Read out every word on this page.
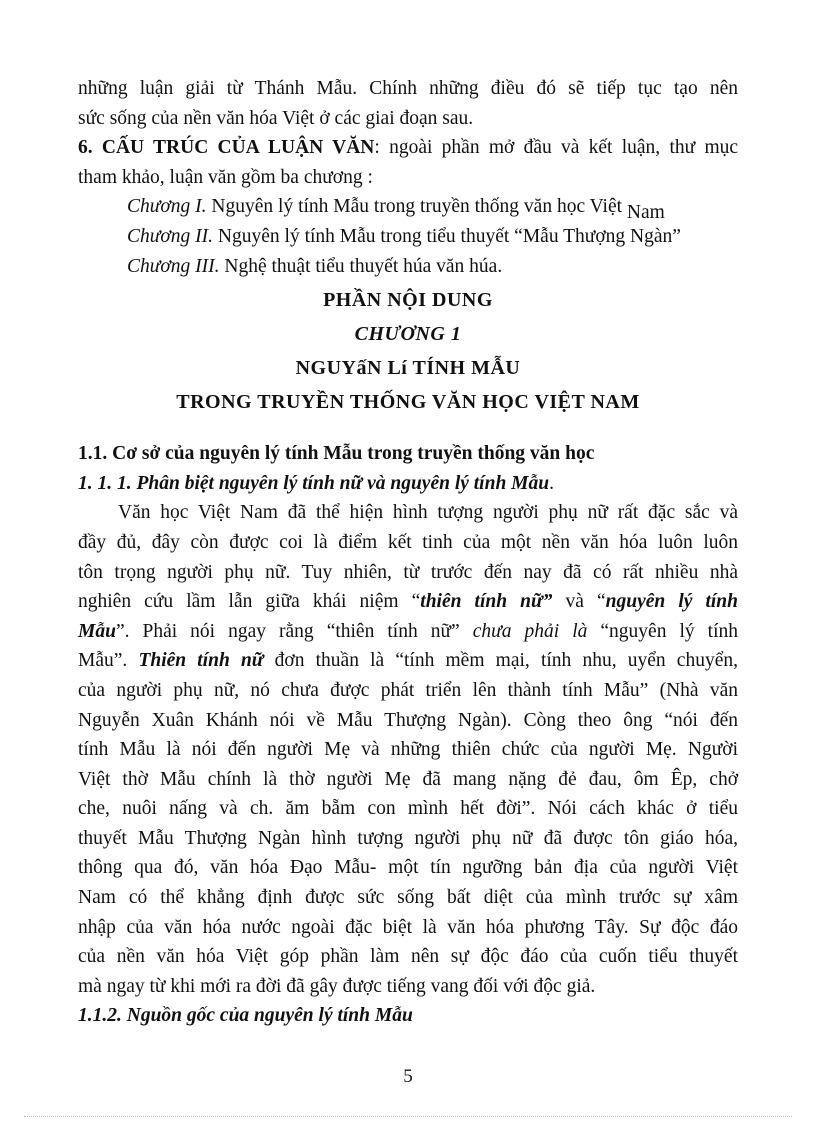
những luận giải từ Thánh Mẫu. Chính những điều đó sẽ tiếp tục tạo nên
sức sống của nền văn hóa Việt ở các giai đoạn sau.
6. CẤU TRÚC CỦA LUẬN VĂN: ngoài phần mở đầu và kết luận, thư mục
tham khảo, luận văn gồm ba chương :
Chương I. Nguyên lý tính Mẫu trong truyền thống văn học Việt Nam
Chương II. Nguyên lý tính Mẫu trong tiểu thuyết “Mẫu Thượng Ngàn”
Chương III. Nghệ thuật tiểu thuyết húa văn húa.
PHẦN NỘI DUNG
CHƯƠNG 1
NGUYấN Lí TÍNH MẪU
TRONG TRUYỀN THỐNG VĂN HỌC VIỆT NAM
1.1. Cơ sở của nguyên lý tính Mẫu trong truyền thống văn học
1. 1. 1. Phân biệt nguyên lý tính nữ và nguyên lý tính Mẫu.
Văn học Việt Nam đã thể hiện hình tượng người phụ nữ rất đặc sắc và
đầy đủ, đây còn được coi là điểm kết tinh của một nền văn hóa luôn luôn
tôn trọng người phụ nữ. Tuy nhiên, từ trước đến nay đã có rất nhiều nhà
nghiên cứu lầm lẫn giữa khái niệm “thiên tính nữ” và “nguyên lý tính
Mẫu”. Phải nói ngay rằng “thiên tính nữ” chưa phải là “nguyên lý tính
Mẫu”. Thiên tính nữ đơn thuần là “tính mềm mại, tính nhu, uyển chuyển,
của người phụ nữ, nó chưa được phát triển lên thành tính Mẫu” (Nhà văn
Nguyễn Xuân Khánh nói về Mẫu Thượng Ngàn). Còng theo ông “nói đến
tính Mẫu là nói đến người Mẹ và những thiên chức của người Mẹ. Người
Việt thờ Mẫu chính là thờ người Mẹ đã mang nặng đẻ đau, ôm Êp, chở
che, nuôi nấng và ch. ăm bẵm con mình hết đời”. Nói cách khác ở tiểu
thuyết Mẫu Thượng Ngàn hình tượng người phụ nữ đã được tôn giáo hóa,
thông qua đó, văn hóa Đạo Mẫu- một tín ngưỡng bản địa của người Việt
Nam có thể khẳng định được sức sống bất diệt của mình trước sự xâm
nhập của văn hóa nước ngoài đặc biệt là văn hóa phương Tây. Sự độc đáo
của nền văn hóa Việt góp phần làm nên sự độc đáo của cuốn tiểu thuyết
mà ngay từ khi mới ra đời đã gây được tiếng vang đối với độc giả.
1.1.2. Nguồn gốc của nguyên lý tính Mẫu
5
